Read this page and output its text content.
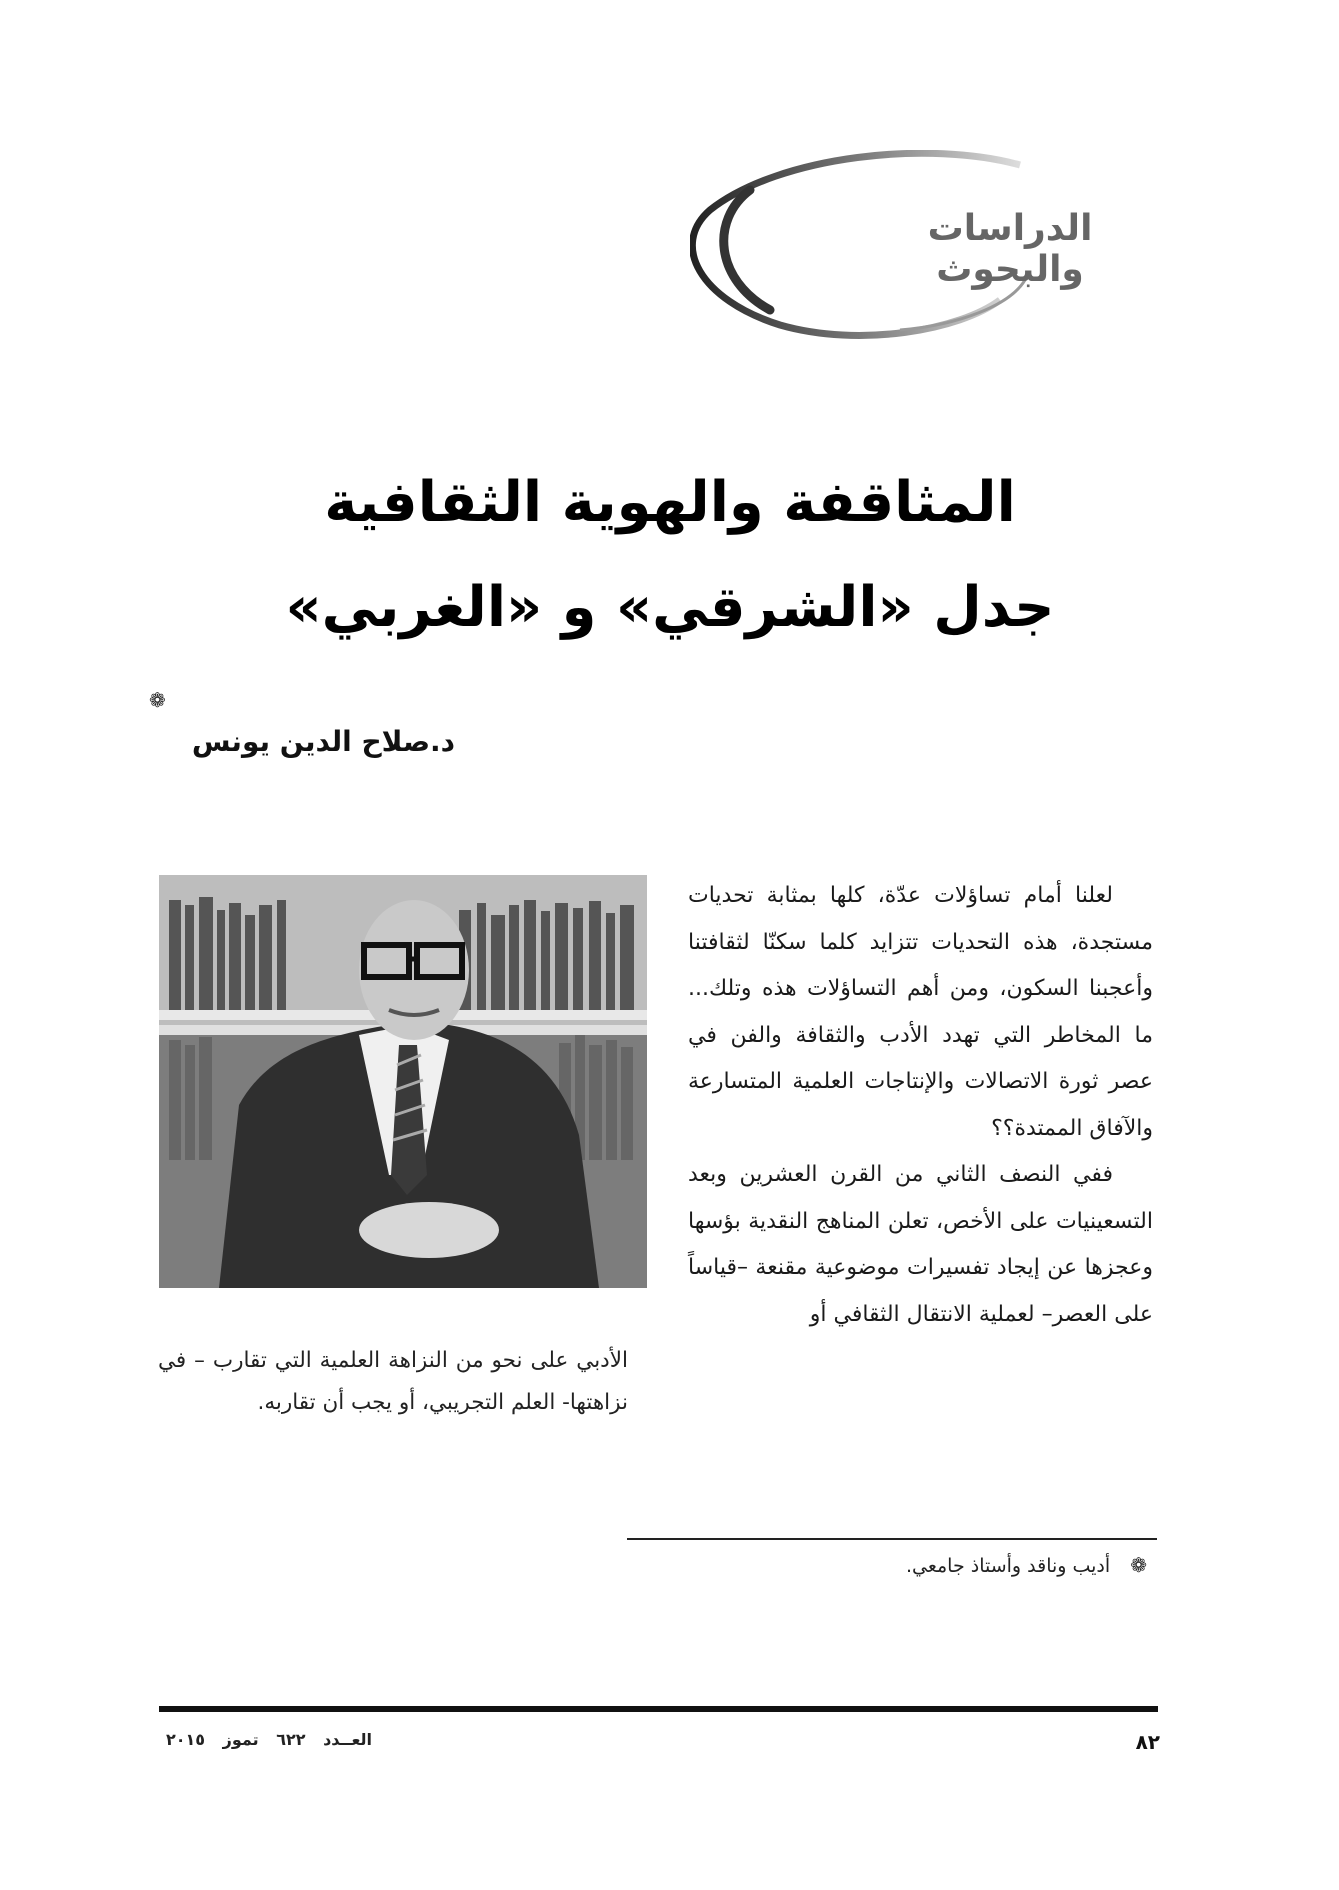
الدراسات والبحوث
المثاقفة والهوية الثقافية
جدل «الشرقي» و «الغربي»
❁
د.صلاح الدين يونس
الأدبي على نحو من النزاهة العلمية التي تقارب – في نزاهتها- العلم التجريبي، أو يجب أن تقاربه.

لعلنا أمام تساؤلات عدّة، كلها بمثابة تحديات مستجدة، هذه التحديات تتزايد كلما سكنّا لثقافتنا وأعجبنا السكون، ومن أهم التساؤلات هذه وتلك... ما المخاطر التي تهدد الأدب والثقافة والفن في عصر ثورة الاتصالات والإنتاجات العلمية المتسارعة والآفاق الممتدة؟؟

ففي النصف الثاني من القرن العشرين وبعد التسعينيات على الأخص، تعلن المناهج النقدية بؤسها وعجزها عن إيجاد تفسيرات موضوعية مقنعة –قياساً على العصر– لعملية الانتقال الثقافي أو

❁ أديب وناقد وأستاذ جامعي.
٨٢
العــدد ٦٢٢ تموز ٢٠١٥
